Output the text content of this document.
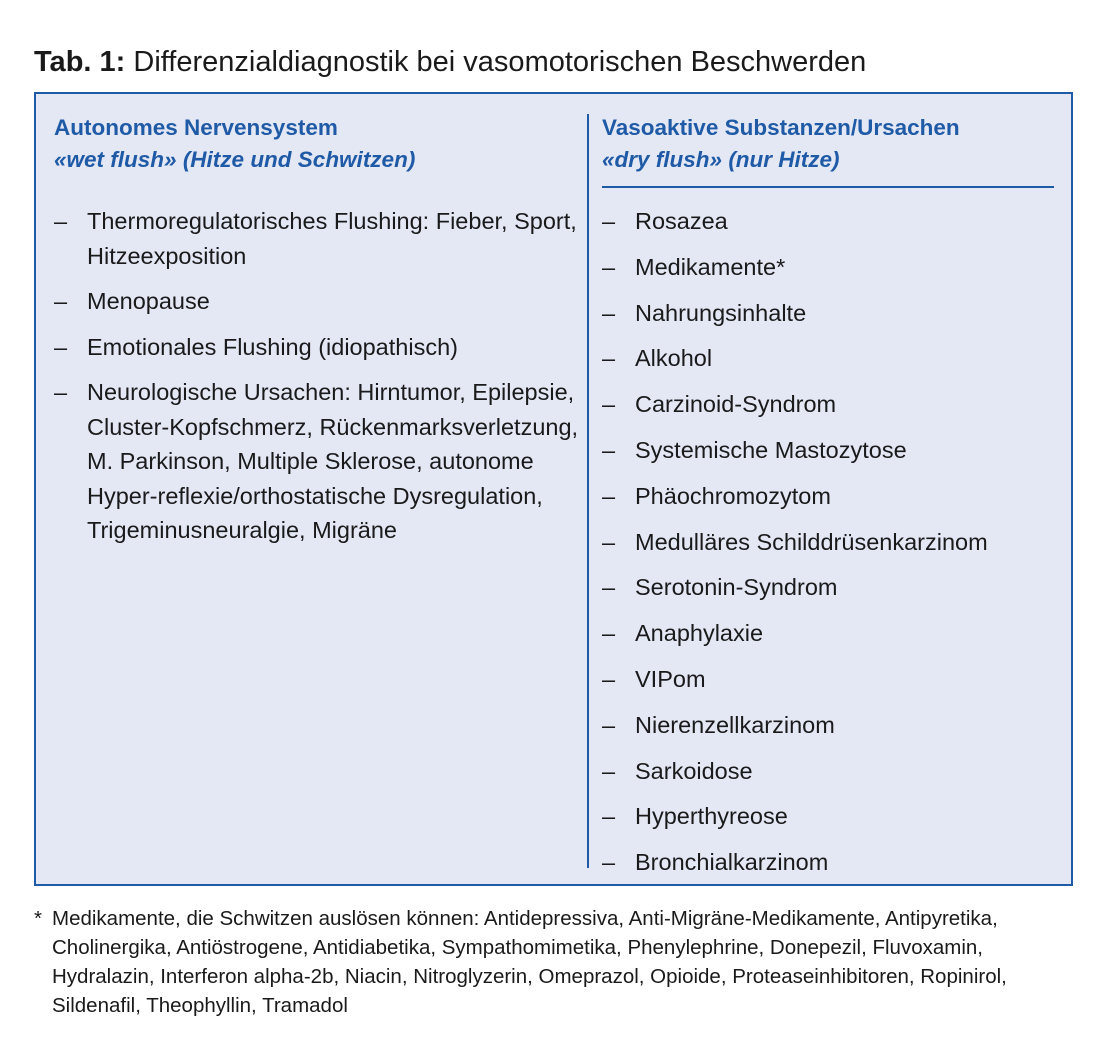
Tab. 1: Differenzialdiagnostik bei vasomotorischen Beschwerden
Autonomes Nervensystem
«wet flush» (Hitze und Schwitzen)
– Thermoregulatorisches Flushing: Fieber, Sport, Hitzeexposition
– Menopause
– Emotionales Flushing (idiopathisch)
– Neurologische Ursachen: Hirntumor, Epilepsie, Cluster-Kopfschmerz, Rückenmarksverletzung, M. Parkinson, Multiple Sklerose, autonome Hyper-reflexie/orthostatische Dysregulation, Trigeminusneuralgie, Migräne
Vasoaktive Substanzen/Ursachen
«dry flush» (nur Hitze)
– Rosazea
– Medikamente*
– Nahrungsinhalte
– Alkohol
– Carzinoid-Syndrom
– Systemische Mastozytose
– Phäochromozytom
– Medulläres Schilddrüsenkarzinom
– Serotonin-Syndrom
– Anaphylaxie
– VIPom
– Nierenzellkarzinom
– Sarkoidose
– Hyperthyreose
– Bronchialkarzinom
* Medikamente, die Schwitzen auslösen können: Antidepressiva, Anti-Migräne-Medikamente, Antipyretika, Cholinergika, Antiöstrogene, Antidiabetika, Sympathomimetika, Phenylephrine, Donepezil, Fluvoxamin, Hydralazin, Interferon alpha-2b, Niacin, Nitroglyzerin, Omeprazol, Opioide, Proteaseinhibitoren, Ropinirol, Sildenafil, Theophyllin, Tramadol
